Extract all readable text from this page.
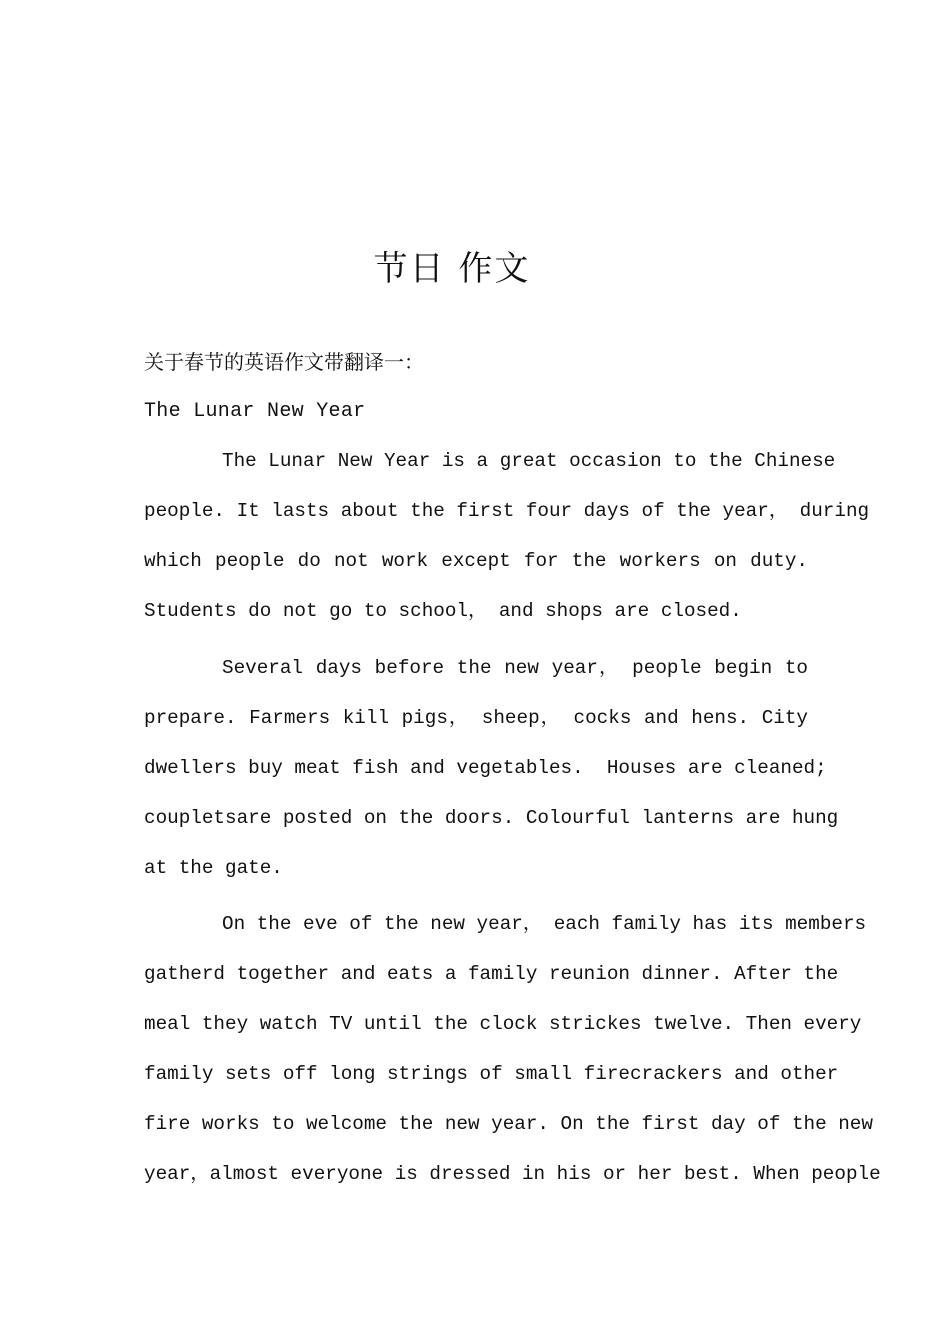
节日 作文

关于春节的英语作文带翻译一：

The Lunar New Year

The Lunar New Year is a great occasion to the Chinese
people. It lasts about the first four days of the year， during
which people do not work except for the workers on duty.
Students do not go to school， and shops are closed.
Several days before the new year， people begin to
prepare. Farmers kill pigs， sheep， cocks and hens. City
dwellers buy meat fish and vegetables.  Houses are cleaned;
coupletsare posted on the doors. Colourful lanterns are hung
at the gate.
On the eve of the new year， each family has its members
gatherd together and eats a family reunion dinner. After the
meal they watch TV until the clock strickes twelve. Then every
family sets off long strings of small firecrackers and other
fire works to welcome the new year. On the first day of the new
year，almost everyone is dressed in his or her best. When people
